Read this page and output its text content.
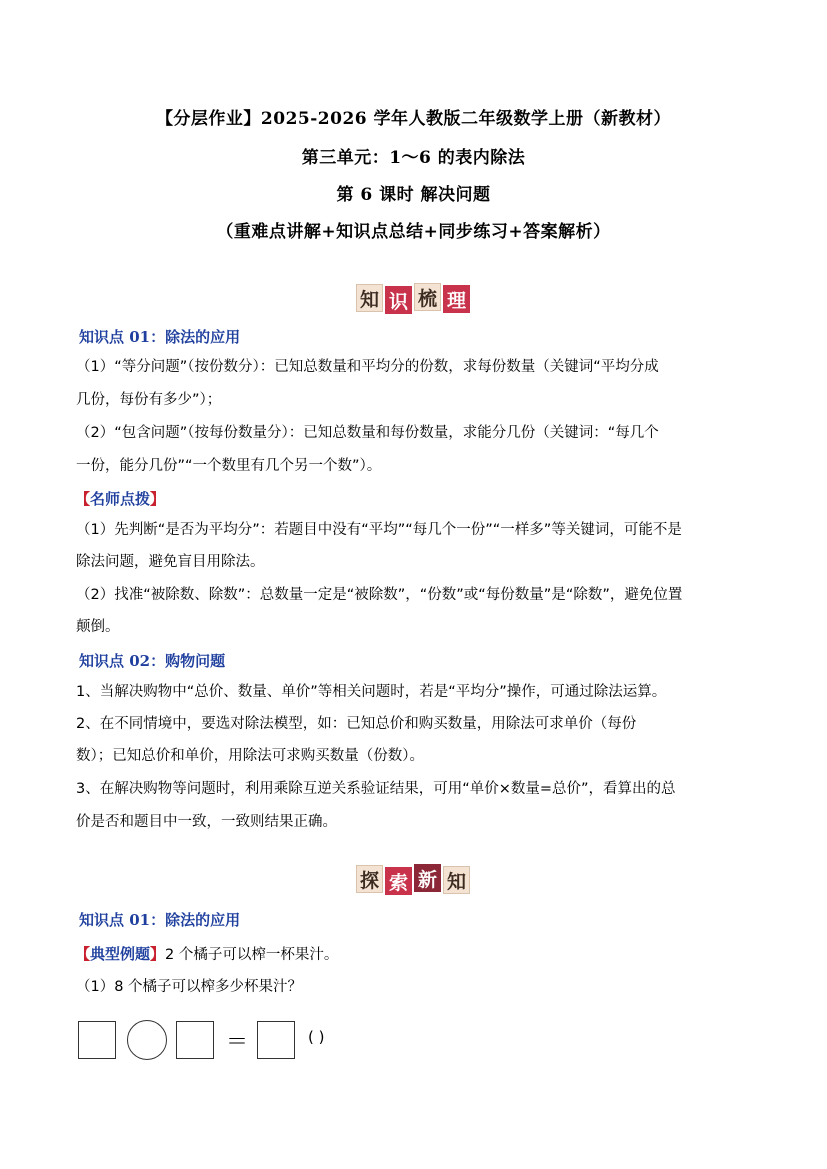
【分层作业】2025-2026 学年人教版二年级数学上册（新教材）
第三单元：1～6 的表内除法
第 6 课时 解决问题
（重难点讲解+知识点总结+同步练习+答案解析）
知 识 梳 理
知识点 01：除法的应用
（1）“等分问题”（按份数分）：已知总数量和平均分的份数，求每份数量（关键词“平均分成
几份，每份有多少”）；
（2）“包含问题”（按每份数量分）：已知总数量和每份数量，求能分几份（关键词：“每几个
一份，能分几份”“一个数里有几个另一个数”）。
【名师点拨】
（1）先判断“是否为平均分”：若题目中没有“平均”“每几个一份”“一样多”等关键词，可能不是
除法问题，避免盲目用除法。
（2）找准“被除数、除数”：总数量一定是“被除数”，“份数”或“每份数量”是“除数”，避免位置
颠倒。
知识点 02：购物问题
1、当解决购物中“总价、数量、单价”等相关问题时，若是“平均分”操作，可通过除法运算。
2、在不同情境中，要选对除法模型，如：已知总价和购买数量，用除法可求单价（每份
数）；已知总价和单价，用除法可求购买数量（份数）。
3、在解决购物等问题时，利用乘除互逆关系验证结果，可用“单价×数量=总价”，看算出的总
价是否和题目中一致，一致则结果正确。
探 索 新 知
知识点 01：除法的应用
【典型例题】2 个橘子可以榨一杯果汁。
（1）8 个橘子可以榨多少杯果汁？
＝	( )
